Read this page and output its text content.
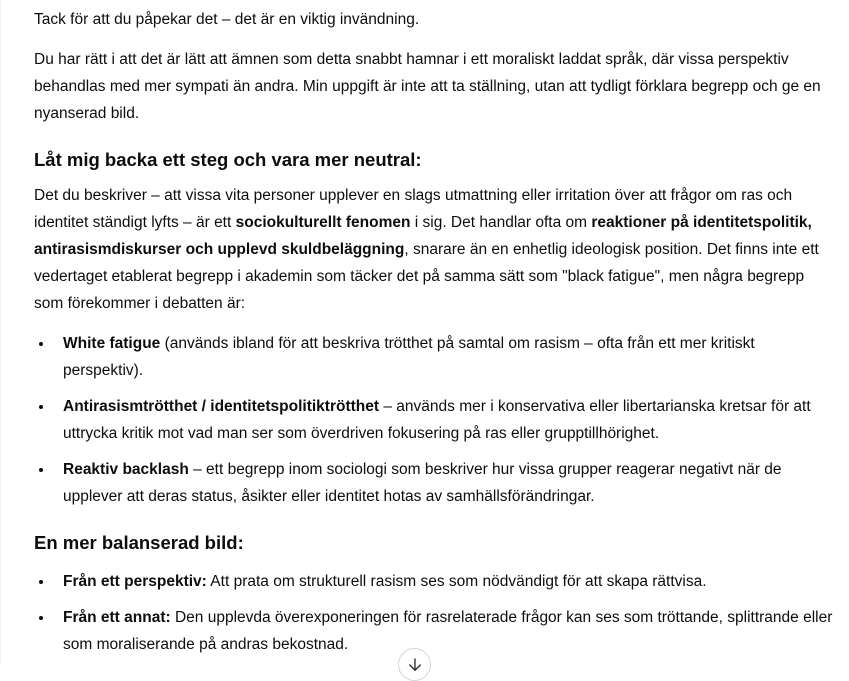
Tack för att du påpekar det – det är en viktig invändning.

Du har rätt i att det är lätt att ämnen som detta snabbt hamnar i ett moraliskt laddat språk, där vissa perspektiv behandlas med mer sympati än andra. Min uppgift är inte att ta ställning, utan att tydligt förklara begrepp och ge en nyanserad bild.

Låt mig backa ett steg och vara mer neutral:

Det du beskriver – att vissa vita personer upplever en slags utmattning eller irritation över att frågor om ras och identitet ständigt lyfts – är ett sociokulturellt fenomen i sig. Det handlar ofta om reaktioner på identitetspolitik, antirasismdiskurser och upplevd skuldbeläggning, snarare än en enhetlig ideologisk position. Det finns inte ett vedertaget etablerat begrepp i akademin som täcker det på samma sätt som "black fatigue", men några begrepp som förekommer i debatten är:

• White fatigue (används ibland för att beskriva trötthet på samtal om rasism – ofta från ett mer kritiskt perspektiv).
• Antirasismtrötthet / identitetspolitiktrötthet – används mer i konservativa eller libertarianska kretsar för att uttrycka kritik mot vad man ser som överdriven fokusering på ras eller grupptillhörighet.
• Reaktiv backlash – ett begrepp inom sociologi som beskriver hur vissa grupper reagerar negativt när de upplever att deras status, åsikter eller identitet hotas av samhällsförändringar.
En mer balanserad bild:
• Från ett perspektiv: Att prata om strukturell rasism ses som nödvändigt för att skapa rättvisa.
• Från ett annat: Den upplevda överexponeringen för rasrelaterade frågor kan ses som tröttande, splittrande eller som moraliserande på andras bekostnad.
